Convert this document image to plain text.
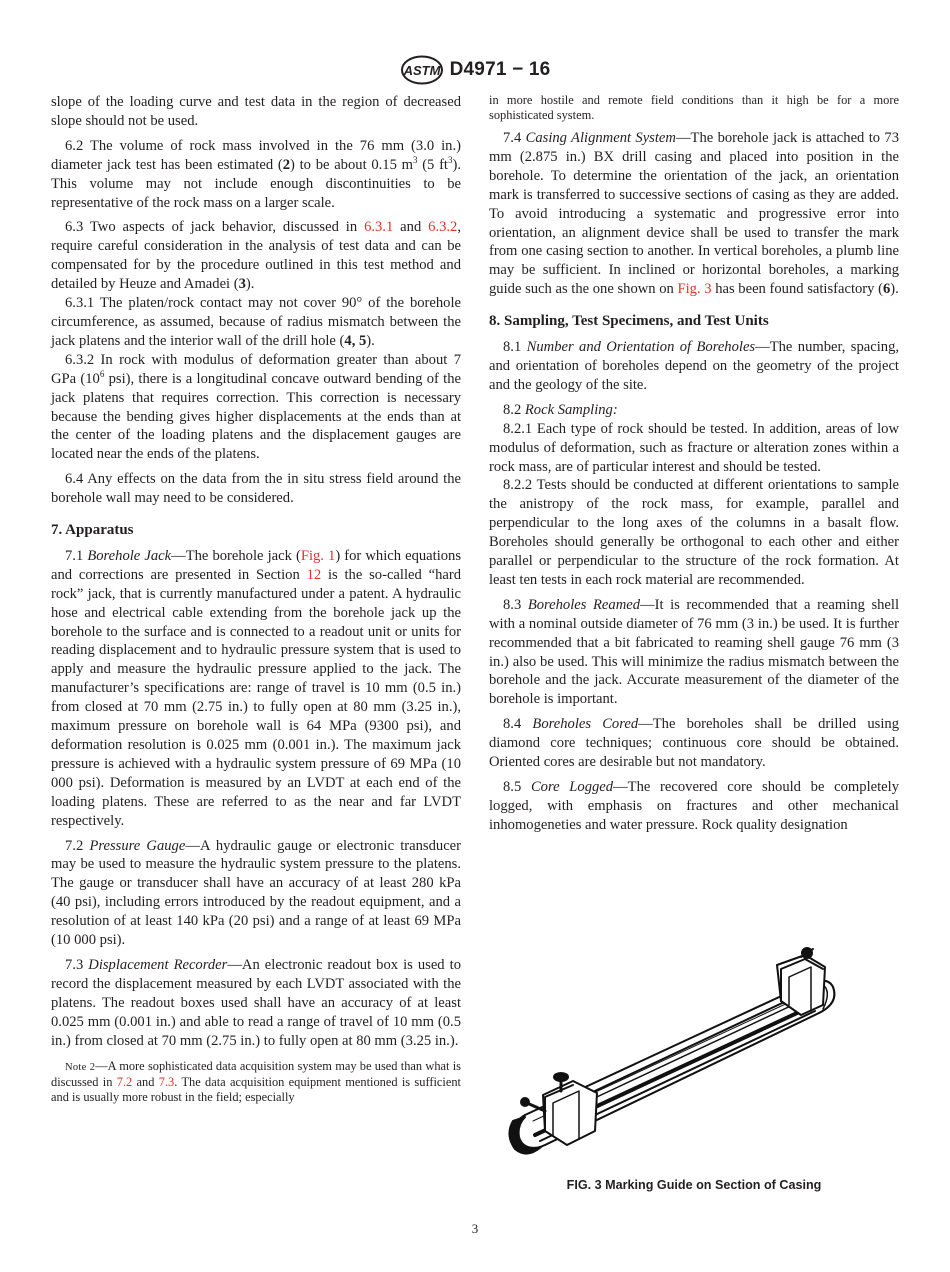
ASTM D4971 − 16

slope of the loading curve and test data in the region of decreased slope should not be used.

6.2 The volume of rock mass involved in the 76 mm (3.0 in.) diameter jack test has been estimated (2) to be about 0.15 $m^3$ (5 $ft^3$). This volume may not include enough discontinuities to be representative of the rock mass on a larger scale.

6.3 Two aspects of jack behavior, discussed in 6.3.1 and 6.3.2, require careful consideration in the analysis of test data and can be compensated for by the procedure outlined in this test method and detailed by Heuze and Amadei (3).

6.3.1 The platen/rock contact may not cover 90° of the borehole circumference, as assumed, because of radius mismatch between the jack platens and the interior wall of the drill hole (4, 5).

6.3.2 In rock with modulus of deformation greater than about 7 GPa ($10^6$ psi), there is a longitudinal concave outward bending of the jack platens that requires correction. This correction is necessary because the bending gives higher displacements at the ends than at the center of the loading platens and the displacement gauges are located near the ends of the platens.

6.4 Any effects on the data from the in situ stress field around the borehole wall may need to be considered.

7. Apparatus

7.1 Borehole Jack—The borehole jack (Fig. 1) for which equations and corrections are presented in Section 12 is the so-called “hard rock” jack, that is currently manufactured under a patent. A hydraulic hose and electrical cable extending from the borehole jack up the borehole to the surface and is connected to a readout unit or units for reading displacement and to hydraulic pressure system that is used to apply and measure the hydraulic pressure applied to the jack. The manufacturer’s specifications are: range of travel is 10 mm (0.5 in.) from closed at 70 mm (2.75 in.) to fully open at 80 mm (3.25 in.), maximum pressure on borehole wall is 64 MPa (9300 psi), and deformation resolution is 0.025 mm (0.001 in.). The maximum jack pressure is achieved with a hydraulic system pressure of 69 MPa (10 000 psi). Deformation is measured by an LVDT at each end of the loading platens. These are referred to as the near and far LVDT respectively.

7.2 Pressure Gauge—A hydraulic gauge or electronic transducer may be used to measure the hydraulic system pressure to the platens. The gauge or transducer shall have an accuracy of at least 280 kPa (40 psi), including errors introduced by the readout equipment, and a resolution of at least 140 kPa (20 psi) and a range of at least 69 MPa (10 000 psi).

7.3 Displacement Recorder—An electronic readout box is used to record the displacement measured by each LVDT associated with the platens. The readout boxes used shall have an accuracy of at least 0.025 mm (0.001 in.) and able to read a range of travel of 10 mm (0.5 in.) from closed at 70 mm (2.75 in.) to fully open at 80 mm (3.25 in.).

Note 2—A more sophisticated data acquisition system may be used than what is discussed in 7.2 and 7.3. The data acquisition equipment mentioned is sufficient and is usually more robust in the field; especially

in more hostile and remote field conditions than it high be for a more sophisticated system.

7.4 Casing Alignment System—The borehole jack is attached to 73 mm (2.875 in.) BX drill casing and placed into position in the borehole. To determine the orientation of the jack, an orientation mark is transferred to successive sections of casing as they are added. To avoid introducing a systematic and progressive error into orientation, an alignment device shall be used to transfer the mark from one casing section to another. In vertical boreholes, a plumb line may be sufficient. In inclined or horizontal boreholes, a marking guide such as the one shown on Fig. 3 has been found satisfactory (6).

8. Sampling, Test Specimens, and Test Units

8.1 Number and Orientation of Boreholes—The number, spacing, and orientation of boreholes depend on the geometry of the project and the geology of the site.

8.2 Rock Sampling:

8.2.1 Each type of rock should be tested. In addition, areas of low modulus of deformation, such as fracture or alteration zones within a rock mass, are of particular interest and should be tested.

8.2.2 Tests should be conducted at different orientations to sample the anistropy of the rock mass, for example, parallel and perpendicular to the long axes of the columns in a basalt flow. Boreholes should generally be orthogonal to each other and either parallel or perpendicular to the structure of the rock formation. At least ten tests in each rock material are recommended.

8.3 Boreholes Reamed—It is recommended that a reaming shell with a nominal outside diameter of 76 mm (3 in.) be used. It is further recommended that a bit fabricated to reaming shell gauge 76 mm (3 in.) also be used. This will minimize the radius mismatch between the borehole and the jack. Accurate measurement of the diameter of the borehole is important.

8.4 Boreholes Cored—The boreholes shall be drilled using diamond core techniques; continuous core should be obtained. Oriented cores are desirable but not mandatory.

8.5 Core Logged—The recovered core should be completely logged, with emphasis on fractures and other mechanical inhomogeneties and water pressure. Rock quality designation

FIG. 3 Marking Guide on Section of Casing
3
